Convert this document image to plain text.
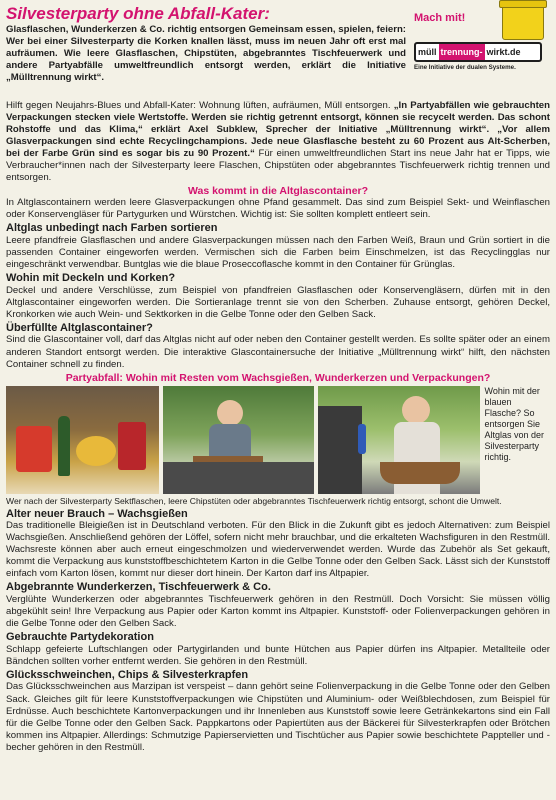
Silvesterparty ohne Abfall-Kater:

Glasflaschen, Wunderkerzen & Co. richtig entsorgen Gemeinsam essen, spielen, feiern: Wer bei einer Silvesterparty die Korken knallen lässt, muss im neuen Jahr oft erst mal aufräumen. Wie leere Glasflaschen, Chipstüten, abgebranntes Tischfeuerwerk und andere Partyabfälle umweltfreundlich entsorgt werden, erklärt die Initiative „Mülltrennung wirkt“.

Mach mit!
müll trennung- wirkt.de
Eine Initiative der dualen Systeme.

Hilft gegen Neujahrs-Blues und Abfall-Kater: Wohnung lüften, aufräumen, Müll entsorgen. „In Partyabfällen wie gebrauchten Verpackungen stecken viele Wertstoffe. Werden sie richtig getrennt entsorgt, können sie recycelt werden. Das schont Rohstoffe und das Klima,“ erklärt Axel Subklew, Sprecher der Initiative „Mülltrennung wirkt“. „Vor allem Glasverpackungen sind echte Recyclingchampions. Jede neue Glasflasche besteht zu 60 Prozent aus Alt-Scherben, bei der Farbe Grün sind es sogar bis zu 90 Prozent.“ Für einen umweltfreundlichen Start ins neue Jahr hat er Tipps, wie Verbraucher*innen nach der Silvesterparty leere Flaschen, Chipstüten oder abgebranntes Tischfeuerwerk richtig trennen und entsorgen.

Was kommt in die Altglascontainer?

In Altglascontainern werden leere Glasverpackungen ohne Pfand gesammelt. Das sind zum Beispiel Sekt- und Weinflaschen oder Konservengläser für Partygurken und Würstchen. Wichtig ist: Sie sollten komplett entleert sein.

Altglas unbedingt nach Farben sortieren

Leere pfandfreie Glasflaschen und andere Glasverpackungen müssen nach den Farben Weiß, Braun und Grün sortiert in die passenden Container eingeworfen werden. Vermischen sich die Farben beim Einschmelzen, ist das Recyclingglas nur eingeschränkt verwendbar. Buntglas wie die blaue Proseccoflasche kommt in den Container für Grünglas.

Wohin mit Deckeln und Korken?

Deckel und andere Verschlüsse, zum Beispiel von pfandfreien Glasflaschen oder Konservengläsern, dürfen mit in den Altglascontainer eingeworfen werden. Die Sortieranlage trennt sie von den Scherben. Zuhause entsorgt, gehören Deckel, Kronkorken wie auch Wein- und Sektkorken in die Gelbe Tonne oder den Gelben Sack.

Überfüllte Altglascontainer?

Sind die Glascontainer voll, darf das Altglas nicht auf oder neben den Container gestellt werden. Es sollte später oder an einem anderen Standort entsorgt werden. Die interaktive Glascontainersuche der Initiative „Mülltrennung wirkt“ hilft, den nächsten Container schnell zu finden.

Partyabfall: Wohin mit Resten vom Wachsgießen, Wunderkerzen und Verpackungen?
Wohin mit der blauen Flasche? So entsorgen Sie Altglas von der Silvesterparty richtig.
Wer nach der Silvesterparty Sektflaschen, leere Chipstüten oder abgebranntes Tischfeuerwerk richtig entsorgt, schont die Umwelt.
Alter neuer Brauch – Wachsgießen

Das traditionelle Bleigießen ist in Deutschland verboten. Für den Blick in die Zukunft gibt es jedoch Alternativen: zum Beispiel Wachsgießen. Anschließend gehören der Löffel, sofern nicht mehr brauchbar, und die erkalteten Wachsfiguren in den Restmüll. Wachsreste können aber auch erneut eingeschmolzen und wiederverwendet werden. Wurde das Zubehör als Set gekauft, kommt die Verpackung aus kunststoffbeschichtetem Karton in die Gelbe Tonne oder den Gelben Sack. Lässt sich der Kunststoff einfach vom Karton lösen, kommt nur dieser dort hinein. Der Karton darf ins Altpapier.

Abgebrannte Wunderkerzen, Tischfeuerwerk & Co.

Verglühte Wunderkerzen oder abgebranntes Tischfeuerwerk gehören in den Restmüll. Doch Vorsicht: Sie müssen völlig abgekühlt sein! Ihre Verpackung aus Papier oder Karton kommt ins Altpapier. Kunststoff- oder Folienverpackungen gehören in die Gelbe Tonne oder den Gelben Sack.

Gebrauchte Partydekoration

Schlapp gefeierte Luftschlangen oder Partygirlanden und bunte Hütchen aus Papier dürfen ins Altpapier. Metallteile oder Bändchen sollten vorher entfernt werden. Sie gehören in den Restmüll.

Glücksschweinchen, Chips & Silvesterkrapfen

Das Glücksschweinchen aus Marzipan ist verspeist – dann gehört seine Folienverpackung in die Gelbe Tonne oder den Gelben Sack. Gleiches gilt für leere Kunststoffverpackungen wie Chipstüten und Aluminium- oder Weißblechdosen, zum Beispiel für Erdnüsse. Auch beschichtete Kartonverpackungen und ihr Innenleben aus Kunststoff sowie leere Getränkekartons sind ein Fall für die Gelbe Tonne oder den Gelben Sack. Pappkartons oder Papiertüten aus der Bäckerei für Silvesterkrapfen oder Brötchen kommen ins Altpapier. Allerdings: Schmutzige Papierservietten und Tischtücher aus Papier sowie beschichtete Pappteller und -becher gehören in den Restmüll.
